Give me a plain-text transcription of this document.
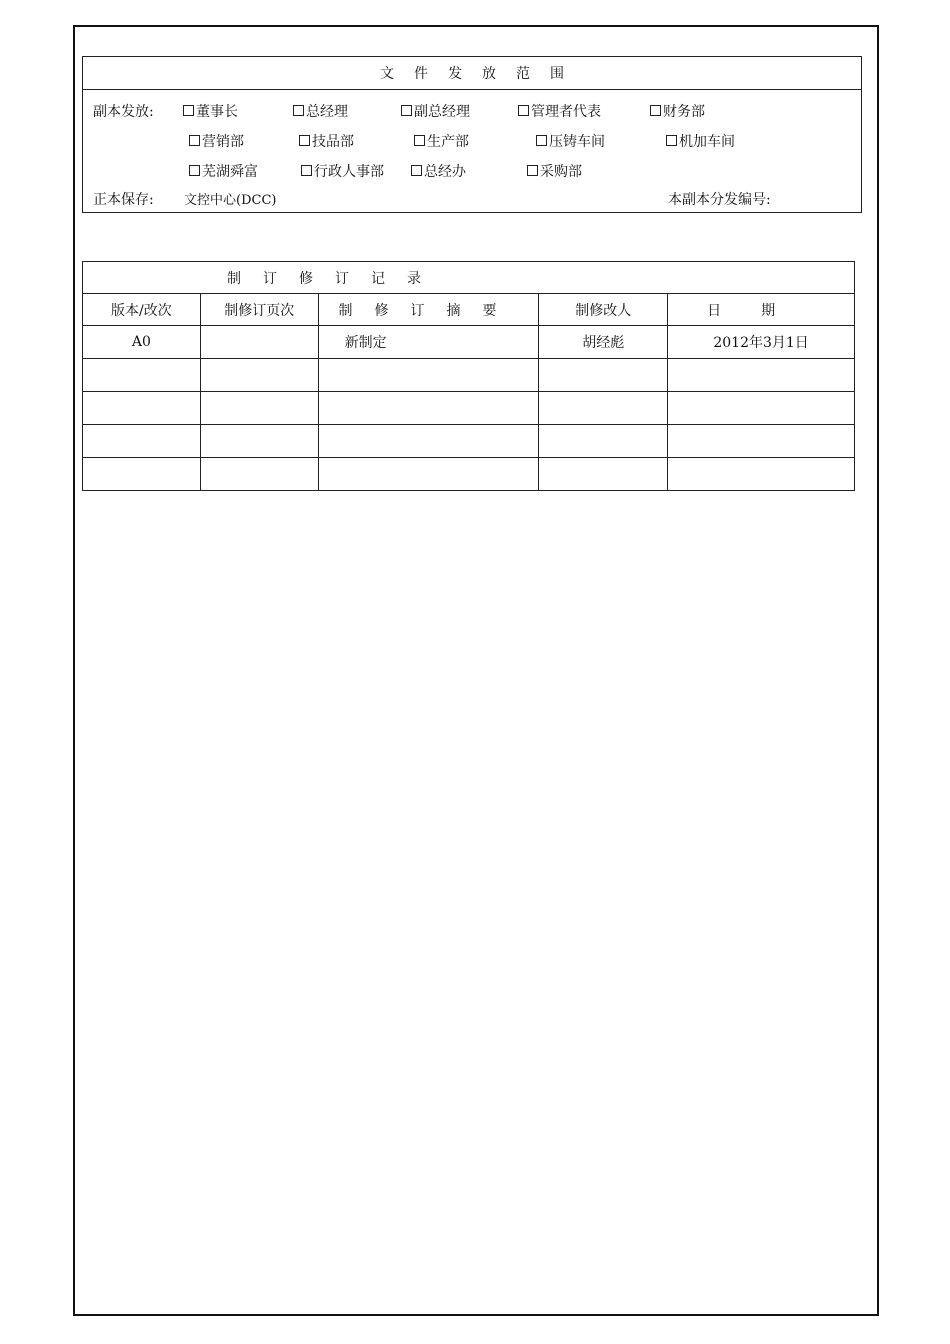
文件发放范围
副本发放:	董事长	总经理	副总经理	管理者代表	财务部
营销部	技品部	生产部	压铸车间	机加车间
芜湖舜富	行政人事部	总经办	采购部
正本保存: 文控中心(DCC)	本副本分发编号:
制订修订记录				
版本/改次	制修订页次	制修订摘要	制修改人	日期
A0		新制定	胡经彪	2012年3月1日
